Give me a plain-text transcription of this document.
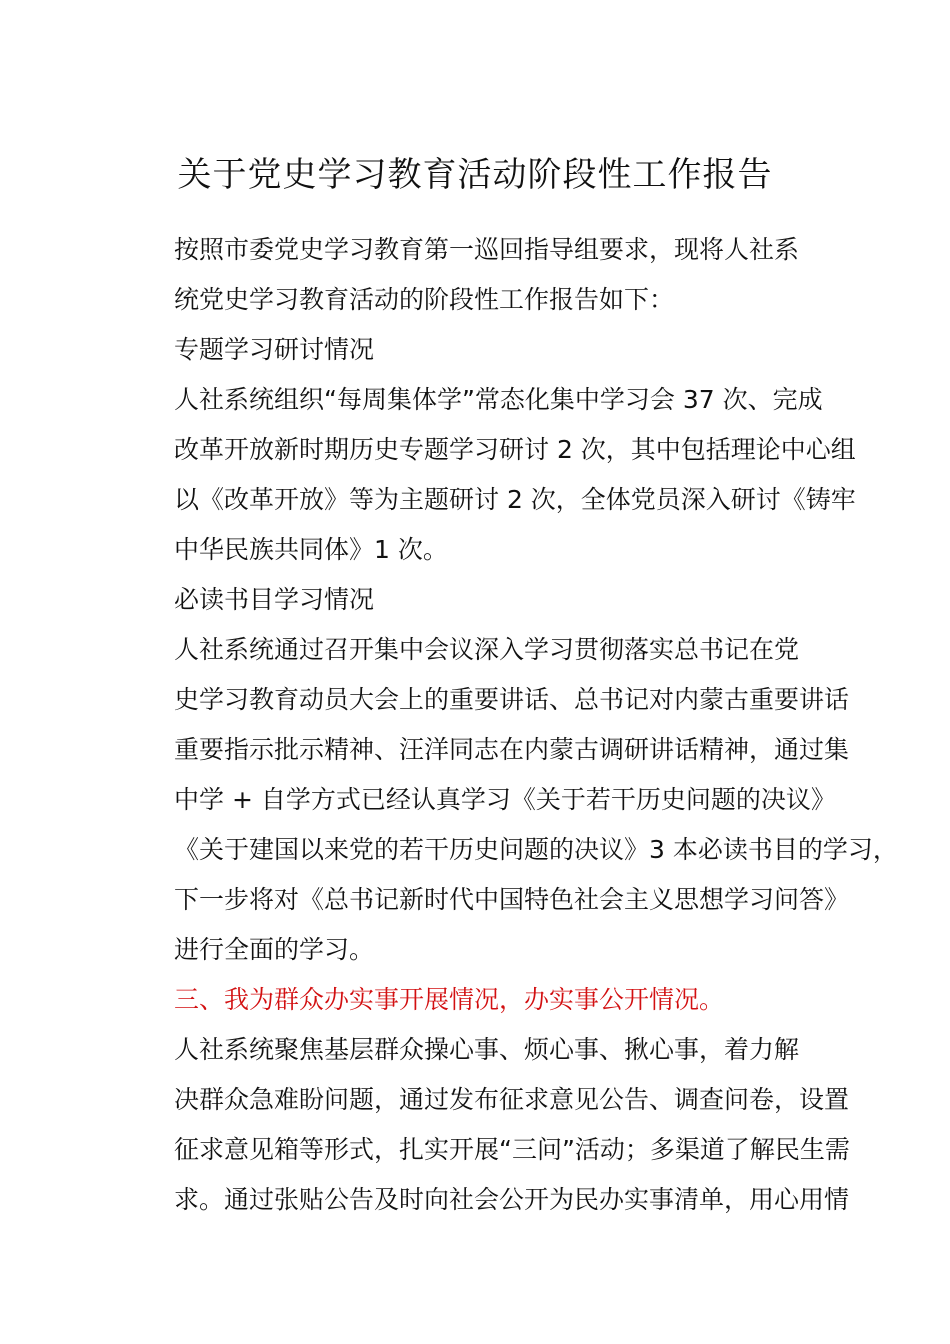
关于党史学习教育活动阶段性工作报告

按照市委党史学习教育第一巡回指导组要求，现将人社系
统党史学习教育活动的阶段性工作报告如下：

专题学习研讨情况

人社系统组织“每周集体学”常态化集中学习会 37 次、完成
改革开放新时期历史专题学习研讨 2 次，其中包括理论中心组
以《改革开放》等为主题研讨 2 次，全体党员深入研讨《铸牢
中华民族共同体》1 次。

必读书目学习情况

人社系统通过召开集中会议深入学习贯彻落实总书记在党
史学习教育动员大会上的重要讲话、总书记对内蒙古重要讲话
重要指示批示精神、汪洋同志在内蒙古调研讲话精神，通过集
中学 + 自学方式已经认真学习《关于若干历史问题的决议》
《关于建国以来党的若干历史问题的决议》3 本必读书目的学习，
下一步将对《总书记新时代中国特色社会主义思想学习问答》
进行全面的学习。

三、我为群众办实事开展情况，办实事公开情况。

人社系统聚焦基层群众操心事、烦心事、揪心事，着力解
决群众急难盼问题，通过发布征求意见公告、调查问卷，设置
征求意见箱等形式，扎实开展“三问”活动；多渠道了解民生需
求。通过张贴公告及时向社会公开为民办实事清单，用心用情
